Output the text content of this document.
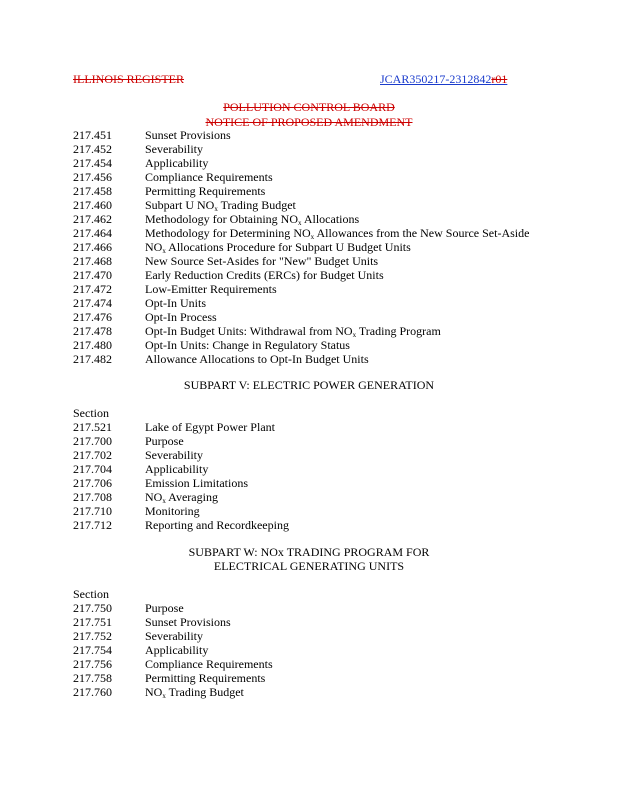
ILLINOIS REGISTER	JCAR350217-2312842r01
POLLUTION CONTROL BOARD
NOTICE OF PROPOSED AMENDMENT
217.451	Sunset Provisions
217.452	Severability
217.454	Applicability
217.456	Compliance Requirements
217.458	Permitting Requirements
217.460	Subpart U $NO_x$ Trading Budget
217.462	Methodology for Obtaining $NO_x$ Allocations
217.464	Methodology for Determining $NO_x$ Allowances from the New Source Set-Aside
217.466	$NO_x$ Allocations Procedure for Subpart U Budget Units
217.468	New Source Set-Asides for "New" Budget Units
217.470	Early Reduction Credits (ERCs) for Budget Units
217.472	Low-Emitter Requirements
217.474	Opt-In Units
217.476	Opt-In Process
217.478	Opt-In Budget Units: Withdrawal from $NO_x$ Trading Program
217.480	Opt-In Units: Change in Regulatory Status
217.482	Allowance Allocations to Opt-In Budget Units
SUBPART V: ELECTRIC POWER GENERATION
Section
217.521	Lake of Egypt Power Plant
217.700	Purpose
217.702	Severability
217.704	Applicability
217.706	Emission Limitations
217.708	$NO_x$ Averaging
217.710	Monitoring
217.712	Reporting and Recordkeeping
SUBPART W: NOx TRADING PROGRAM FOR
ELECTRICAL GENERATING UNITS
Section
217.750	Purpose
217.751	Sunset Provisions
217.752	Severability
217.754	Applicability
217.756	Compliance Requirements
217.758	Permitting Requirements
217.760	$NO_x$ Trading Budget
